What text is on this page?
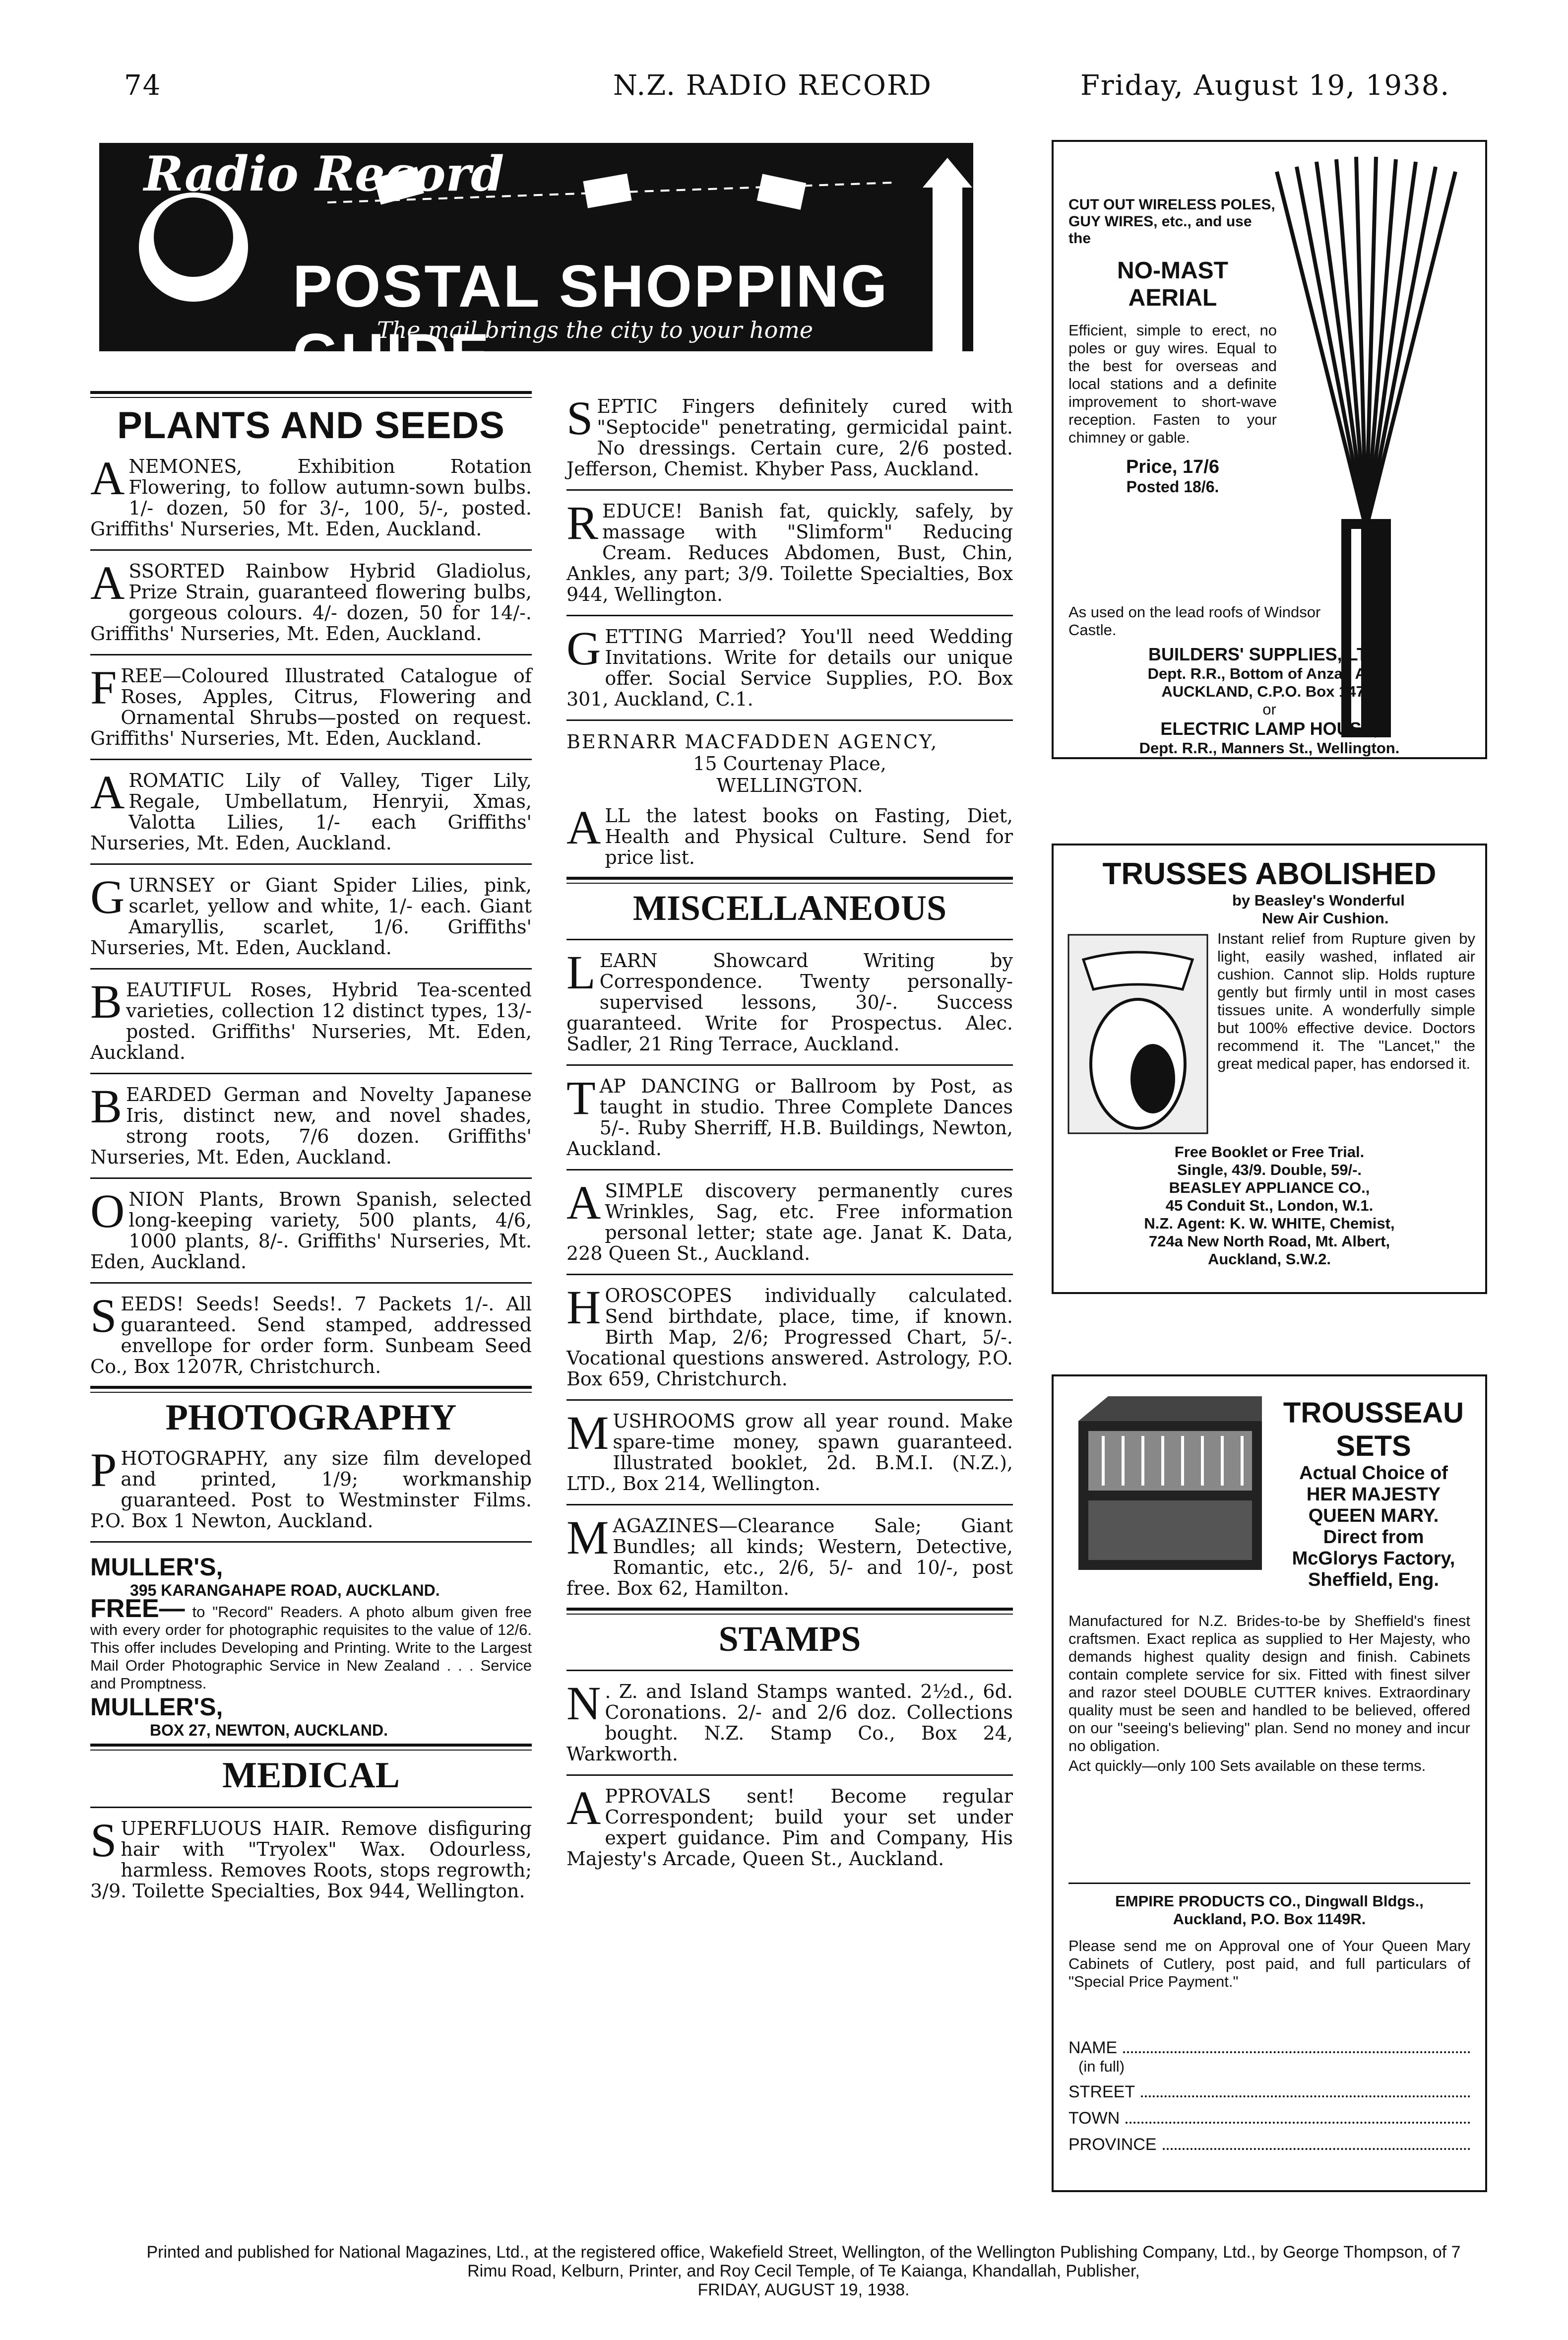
74	N.Z. RADIO RECORD	Friday, August 19, 1938.
Radio Record
POSTAL SHOPPING GUIDE
The mail brings the city to your home
PLANTS AND SEEDS
ANEMONES, Exhibition Rotation Flowering, to follow autumn-sown bulbs. 1/- dozen, 50 for 3/-, 100, 5/-, posted. Griffiths' Nurseries, Mt. Eden, Auckland.
ASSORTED Rainbow Hybrid Gladiolus, Prize Strain, guaranteed flowering bulbs, gorgeous colours. 4/- dozen, 50 for 14/-. Griffiths' Nurseries, Mt. Eden, Auckland.
FREE—Coloured Illustrated Catalogue of Roses, Apples, Citrus, Flowering and Ornamental Shrubs—posted on request. Griffiths' Nurseries, Mt. Eden, Auckland.
AROMATIC Lily of Valley, Tiger Lily, Regale, Umbellatum, Henryii, Xmas, Valotta Lilies, 1/- each Griffiths' Nurseries, Mt. Eden, Auckland.
GURNSEY or Giant Spider Lilies, pink, scarlet, yellow and white, 1/- each. Giant Amaryllis, scarlet, 1/6. Griffiths' Nurseries, Mt. Eden, Auckland.
BEAUTIFUL Roses, Hybrid Tea-scented varieties, collection 12 distinct types, 13/- posted. Griffiths' Nurseries, Mt. Eden, Auckland.
BEARDED German and Novelty Japanese Iris, distinct new, and novel shades, strong roots, 7/6 dozen. Griffiths' Nurseries, Mt. Eden, Auckland.
ONION Plants, Brown Spanish, selected long-keeping variety, 500 plants, 4/6, 1000 plants, 8/-. Griffiths' Nurseries, Mt. Eden, Auckland.
SEEDS! Seeds! Seeds!. 7 Packets 1/-. All guaranteed. Send stamped, addressed envellope for order form. Sunbeam Seed Co., Box 1207R, Christchurch.
PHOTOGRAPHY
PHOTOGRAPHY, any size film developed and printed, 1/9; workmanship guaranteed. Post to Westminster Films. P.O. Box 1 Newton, Auckland.
MULLER'S,
395 KARANGAHAPE ROAD, AUCKLAND.
FREE— to "Record" Readers. A photo album given free with every order for photographic requisites to the value of 12/6. This offer includes Developing and Printing. Write to the Largest Mail Order Photographic Service in New Zealand . . . Service and Promptness.
MULLER'S,
BOX 27, NEWTON, AUCKLAND.
MEDICAL
SUPERFLUOUS HAIR. Remove disfiguring hair with "Tryolex" Wax. Odourless, harmless. Removes Roots, stops regrowth; 3/9. Toilette Specialties, Box 944, Wellington.
SEPTIC Fingers definitely cured with "Septocide" penetrating, germicidal paint. No dressings. Certain cure, 2/6 posted. Jefferson, Chemist. Khyber Pass, Auckland.
REDUCE! Banish fat, quickly, safely, by massage with "Slimform" Reducing Cream. Reduces Abdomen, Bust, Chin, Ankles, any part; 3/9. Toilette Specialties, Box 944, Wellington.
GETTING Married? You'll need Wedding Invitations. Write for details our unique offer. Social Service Supplies, P.O. Box 301, Auckland, C.1.
BERNARR MACFADDEN AGENCY,
15 Courtenay Place,
WELLINGTON.
ALL the latest books on Fasting, Diet, Health and Physical Culture. Send for price list.
MISCELLANEOUS
LEARN Showcard Writing by Correspondence. Twenty personally-supervised lessons, 30/-. Success guaranteed. Write for Prospectus. Alec. Sadler, 21 Ring Terrace, Auckland.
TAP DANCING or Ballroom by Post, as taught in studio. Three Complete Dances 5/-. Ruby Sherriff, H.B. Buildings, Newton, Auckland.
ASIMPLE discovery permanently cures Wrinkles, Sag, etc. Free information personal letter; state age. Janat K. Data, 228 Queen St., Auckland.
HOROSCOPES individually calculated. Send birthdate, place, time, if known. Birth Map, 2/6; Progressed Chart, 5/-. Vocational questions answered. Astrology, P.O. Box 659, Christchurch.
MUSHROOMS grow all year round. Make spare-time money, spawn guaranteed. Illustrated booklet, 2d. B.M.I. (N.Z.), LTD., Box 214, Wellington.
MAGAZINES—Clearance Sale; Giant Bundles; all kinds; Western, Detective, Romantic, etc., 2/6, 5/- and 10/-, post free. Box 62, Hamilton.
STAMPS
N . Z. and Island Stamps wanted. 2½d., 6d. Coronations. 2/- and 2/6 doz. Collections bought. N.Z. Stamp Co., Box 24, Warkworth.
APPROVALS sent! Become regular Correspondent; build your set under expert guidance. Pim and Company, His Majesty's Arcade, Queen St., Auckland.
CUT OUT WIRELESS POLES, GUY WIRES, etc., and use the
NO-MAST
AERIAL
Efficient, simple to erect, no poles or guy wires. Equal to the best for overseas and local stations and a definite improvement to short-wave reception. Fasten to your chimney or gable.
Price, 17/6
Posted 18/6.
As used on the lead roofs of Windsor Castle.
BUILDERS' SUPPLIES, LTD.,
Dept. R.R., Bottom of Anzac Ave.,
AUCKLAND, C.P.O. Box 1477,
or
ELECTRIC LAMP HOUSE,
Dept. R.R., Manners St., Wellington.
TRUSSES ABOLISHED
by Beasley's Wonderful
New Air Cushion.
Instant relief from Rupture given by light, easily washed, inflated air cushion. Cannot slip. Holds rupture gently but firmly until in most cases tissues unite. A wonderfully simple but 100% effective device. Doctors recommend it. The "Lancet," the great medical paper, has endorsed it.
Free Booklet or Free Trial.
Single, 43/9. Double, 59/-.
BEASLEY APPLIANCE CO.,
45 Conduit St., London, W.1.
N.Z. Agent: K. W. WHITE, Chemist,
724a New North Road, Mt. Albert,
Auckland, S.W.2.
TROUSSEAU
SETS
Actual Choice of
HER MAJESTY
QUEEN MARY.
Direct from
McGlorys Factory,
Sheffield, Eng.
Manufactured for N.Z. Brides-to-be by Sheffield's finest craftsmen. Exact replica as supplied to Her Majesty, who demands highest quality design and finish. Cabinets contain complete service for six. Fitted with finest silver and razor steel DOUBLE CUTTER knives. Extraordinary quality must be seen and handled to be believed, offered on our "seeing's believing" plan. Send no money and incur no obligation.
Act quickly—only 100 Sets available on these terms.
EMPIRE PRODUCTS CO., Dingwall Bldgs.,
Auckland, P.O. Box 1149R.
Please send me on Approval one of Your Queen Mary Cabinets of Cutlery, post paid, and full particulars of "Special Price Payment."
NAME
(in full)
STREET
TOWN
PROVINCE
Printed and published for National Magazines, Ltd., at the registered office, Wakefield Street, Wellington, of the Wellington Publishing Company, Ltd., by George Thompson, of 7 Rimu Road, Kelburn, Printer, and Roy Cecil Temple, of Te Kaianga, Khandallah, Publisher,
FRIDAY, AUGUST 19, 1938.
